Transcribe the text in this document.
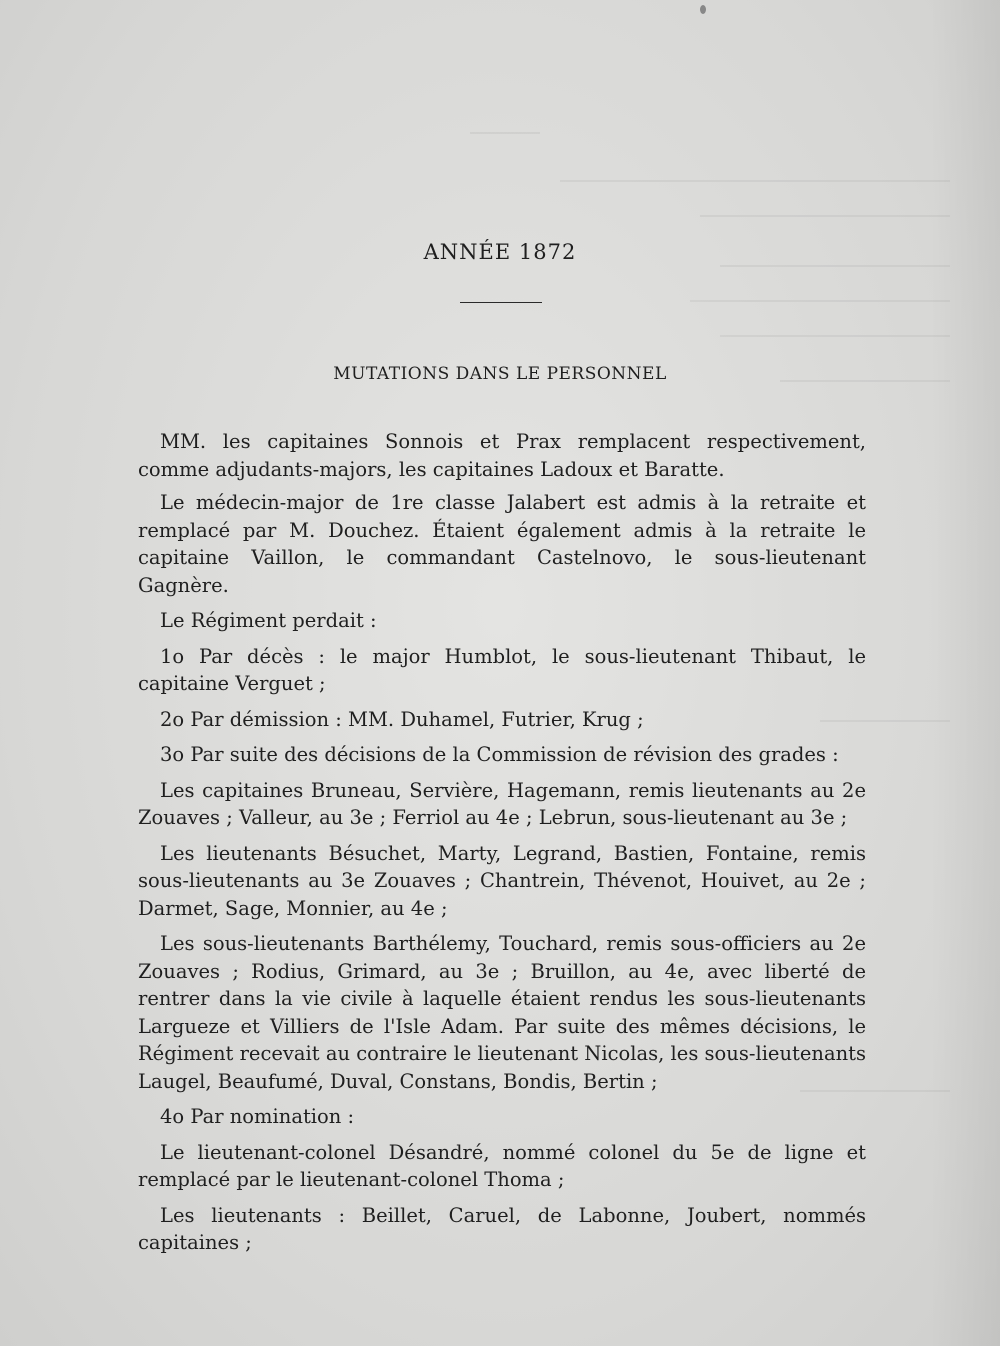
ANNÉE 1872
MUTATIONS DANS LE PERSONNEL

MM. les capitaines Sonnois et Prax remplacent respectivement, comme adjudants-majors, les capitaines Ladoux et Baratte.

Le médecin-major de 1re classe Jalabert est admis à la retraite et remplacé par M. Douchez. Étaient également admis à la retraite le capitaine Vaillon, le commandant Castelnovo, le sous-lieutenant Gagnère.

Le Régiment perdait :

1o Par décès : le major Humblot, le sous-lieutenant Thibaut, le capitaine Verguet ;

2o Par démission : MM. Duhamel, Futrier, Krug ;

3o Par suite des décisions de la Commission de révision des grades :

Les capitaines Bruneau, Servière, Hagemann, remis lieutenants au 2e Zouaves ; Valleur, au 3e ; Ferriol au 4e ; Lebrun, sous-lieutenant au 3e ;

Les lieutenants Bésuchet, Marty, Legrand, Bastien, Fontaine, remis sous-lieutenants au 3e Zouaves ; Chantrein, Thévenot, Houivet, au 2e ; Darmet, Sage, Monnier, au 4e ;

Les sous-lieutenants Barthélemy, Touchard, remis sous-officiers au 2e Zouaves ; Rodius, Grimard, au 3e ; Bruillon, au 4e, avec liberté de rentrer dans la vie civile à laquelle étaient rendus les sous-lieutenants Largueze et Villiers de l'Isle Adam. Par suite des mêmes décisions, le Régiment recevait au contraire le lieutenant Nicolas, les sous-lieutenants Laugel, Beaufumé, Duval, Constans, Bondis, Bertin ;

4o Par nomination :

Le lieutenant-colonel Désandré, nommé colonel du 5e de ligne et remplacé par le lieutenant-colonel Thoma ;

Les lieutenants : Beillet, Caruel, de Labonne, Joubert, nommés capitaines ;
